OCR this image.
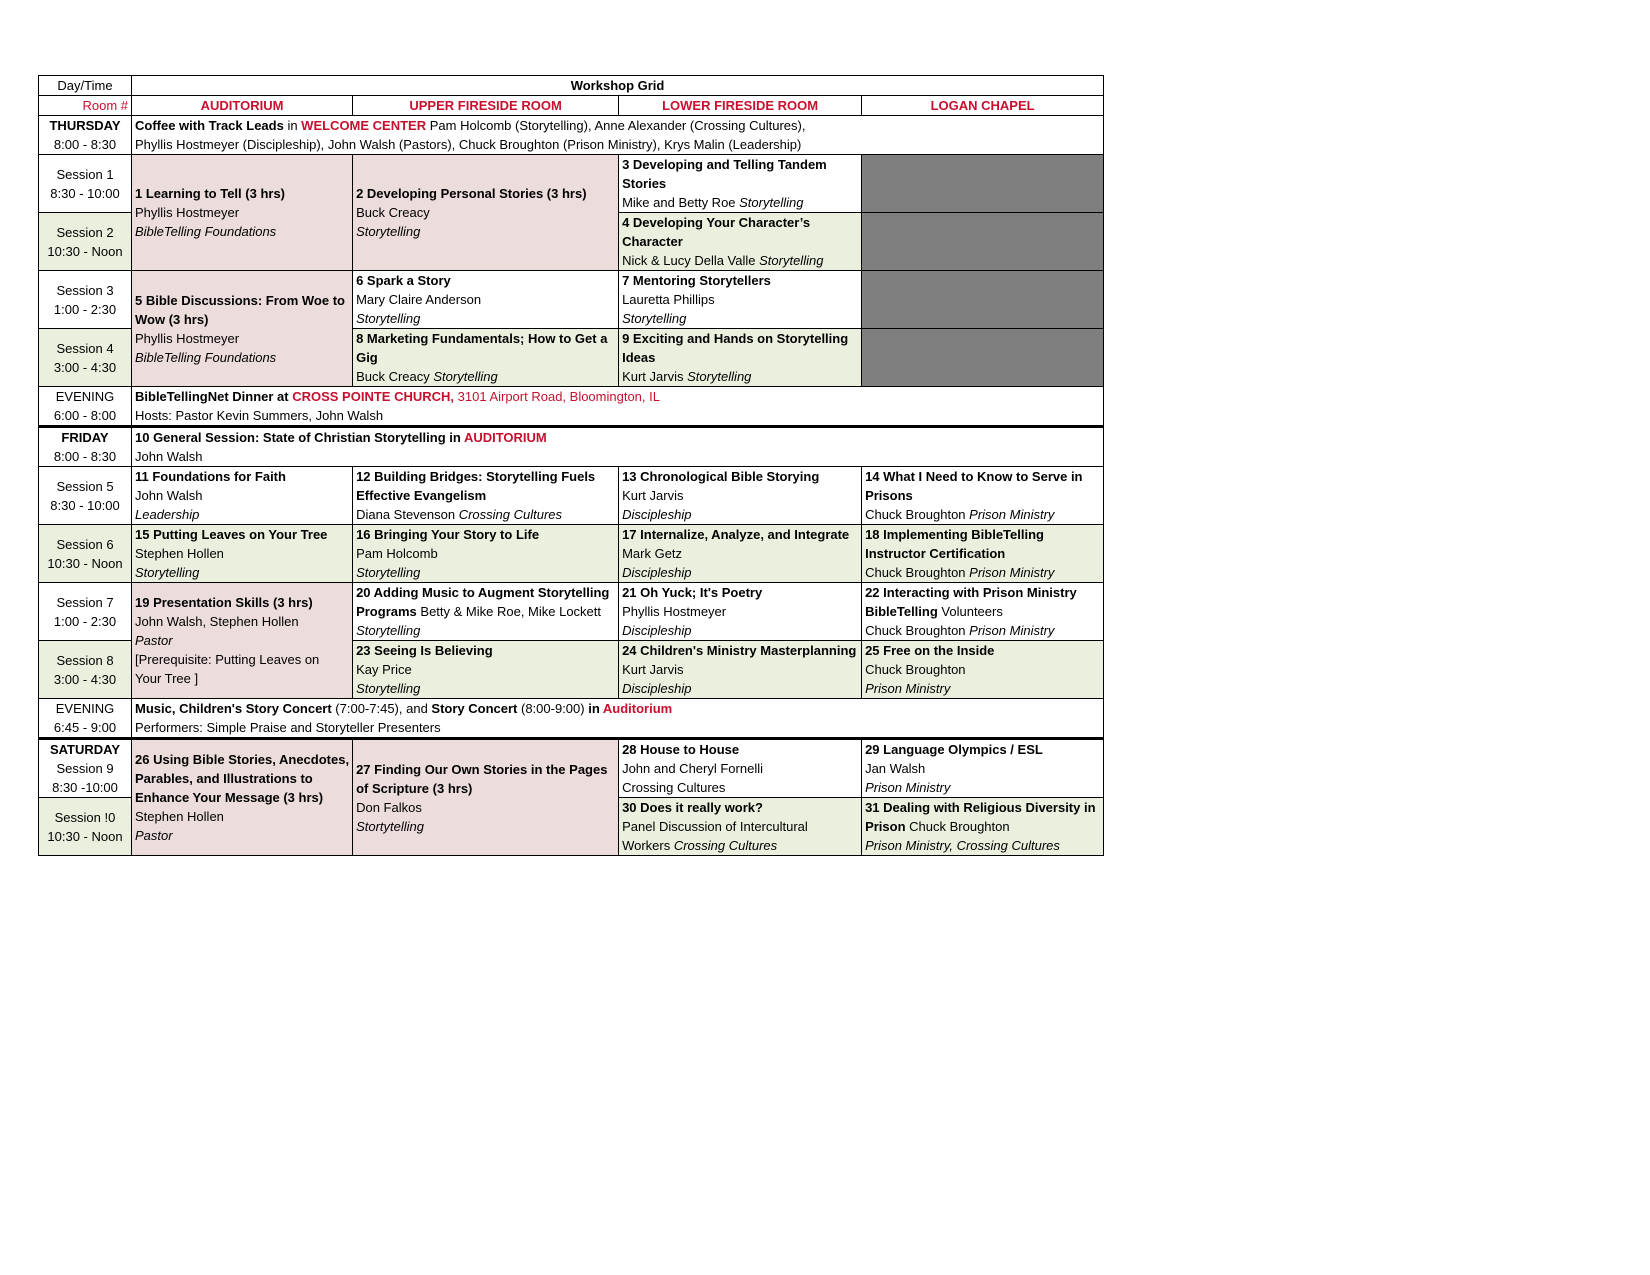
Day/Time	Workshop Grid			
Room #	AUDITORIUM	UPPER FIRESIDE ROOM	LOWER FIRESIDE ROOM	LOGAN CHAPEL

THURSDAY
8:00 - 8:30	Coffee with Track Leads in WELCOME CENTER Pam Holcomb (Storytelling), Anne Alexander (Crossing Cultures),
Phyllis Hostmeyer (Discipleship), John Walsh (Pastors), Chuck Broughton (Prison Ministry), Krys Malin (Leadership)			

Session 1
8:30 - 10:00	1 Learning to Tell (3 hrs)
Phyllis Hostmeyer
BibleTelling Foundations	2 Developing Personal Stories (3 hrs)
Buck Creacy
Storytelling	3 Developing and Telling Tandem
Stories
Mike and Betty Roe Storytelling	

Session 2
10:30 - Noon			4 Developing Your Character’s
Character
Nick & Lucy Della Valle Storytelling	

Session 3
1:00 - 2:30	5 Bible Discussions: From Woe to
Wow (3 hrs)
Phyllis Hostmeyer
BibleTelling Foundations	6 Spark a Story
Mary Claire Anderson
Storytelling	7 Mentoring Storytellers
Lauretta Phillips
Storytelling	

Session 4
3:00 - 4:30		8 Marketing Fundamentals; How to Get a
Gig
Buck Creacy Storytelling	9 Exciting and Hands on Storytelling
Ideas
Kurt Jarvis Storytelling	

EVENING
6:00 - 8:00	BibleTellingNet Dinner at CROSS POINTE CHURCH, 3101 Airport Road, Bloomington, IL
Hosts: Pastor Kevin Summers, John Walsh			

FRIDAY
8:00 - 8:30	10 General Session: State of Christian Storytelling in AUDITORIUM
John Walsh			

Session 5
8:30 - 10:00	11 Foundations for Faith
John Walsh
Leadership	12 Building Bridges: Storytelling Fuels
Effective Evangelism
Diana Stevenson Crossing Cultures	13 Chronological Bible Storying
Kurt Jarvis
Discipleship	14 What I Need to Know to Serve in
Prisons
Chuck Broughton Prison Ministry

Session 6
10:30 - Noon	15 Putting Leaves on Your Tree
Stephen Hollen
Storytelling	16 Bringing Your Story to Life
Pam Holcomb
Storytelling	17 Internalize, Analyze, and Integrate
Mark Getz
Discipleship	18 Implementing BibleTelling
Instructor Certification
Chuck Broughton Prison Ministry

Session 7
1:00 - 2:30	19 Presentation Skills (3 hrs)
John Walsh, Stephen Hollen
Pastor
[Prerequisite: Putting Leaves on
Your Tree ]	20 Adding Music to Augment Storytelling
Programs Betty & Mike Roe, Mike Lockett
Storytelling	21 Oh Yuck; It's Poetry
Phyllis Hostmeyer
Discipleship	22 Interacting with Prison Ministry
BibleTelling Volunteers
Chuck Broughton Prison Ministry

Session 8
3:00 - 4:30		23 Seeing Is Believing
Kay Price
Storytelling	24 Children's Ministry Masterplanning
Kurt Jarvis
Discipleship	25 Free on the Inside
Chuck Broughton
Prison Ministry

EVENING
6:45 - 9:00	Music, Children's Story Concert (7:00-7:45), and Story Concert (8:00-9:00) in Auditorium
Performers: Simple Praise and Storyteller Presenters			

SATURDAY
Session 9
8:30 -10:00	26 Using Bible Stories, Anecdotes,
Parables, and Illustrations to
Enhance Your Message (3 hrs)
Stephen Hollen
Pastor	27 Finding Our Own Stories in the Pages
of Scripture (3 hrs)
Don Falkos
Stortytelling	28 House to House
John and Cheryl Fornelli
Crossing Cultures	29 Language Olympics / ESL
Jan Walsh
Prison Ministry

Session !0
10:30 - Noon			30 Does it really work?
Panel Discussion of Intercultural
Workers Crossing Cultures	31 Dealing with Religious Diversity in
Prison Chuck Broughton
Prison Ministry, Crossing Cultures
